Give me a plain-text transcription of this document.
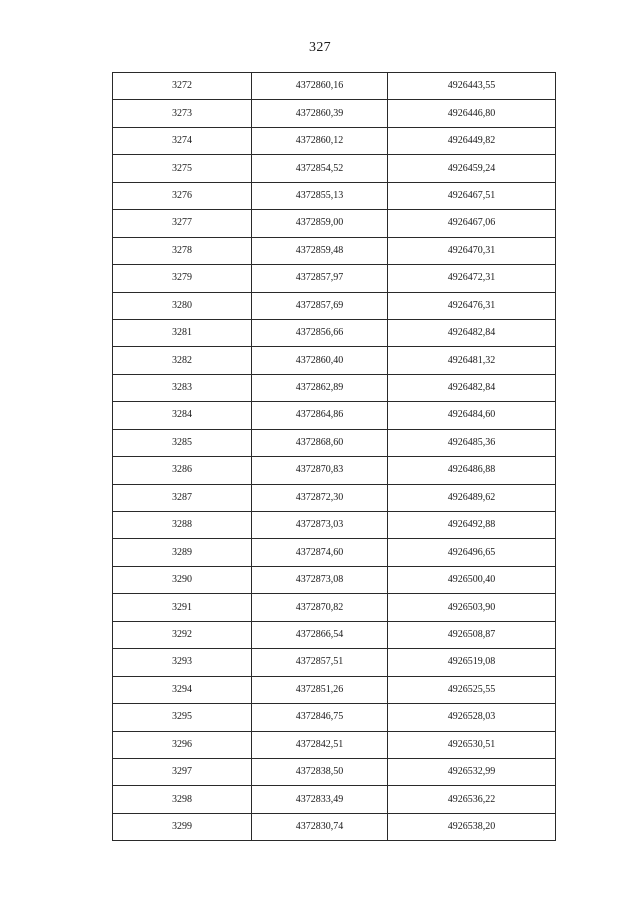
327
3272	4372860,16	4926443,55
3273	4372860,39	4926446,80
3274	4372860,12	4926449,82
3275	4372854,52	4926459,24
3276	4372855,13	4926467,51
3277	4372859,00	4926467,06
3278	4372859,48	4926470,31
3279	4372857,97	4926472,31
3280	4372857,69	4926476,31
3281	4372856,66	4926482,84
3282	4372860,40	4926481,32
3283	4372862,89	4926482,84
3284	4372864,86	4926484,60
3285	4372868,60	4926485,36
3286	4372870,83	4926486,88
3287	4372872,30	4926489,62
3288	4372873,03	4926492,88
3289	4372874,60	4926496,65
3290	4372873,08	4926500,40
3291	4372870,82	4926503,90
3292	4372866,54	4926508,87
3293	4372857,51	4926519,08
3294	4372851,26	4926525,55
3295	4372846,75	4926528,03
3296	4372842,51	4926530,51
3297	4372838,50	4926532,99
3298	4372833,49	4926536,22
3299	4372830,74	4926538,20
